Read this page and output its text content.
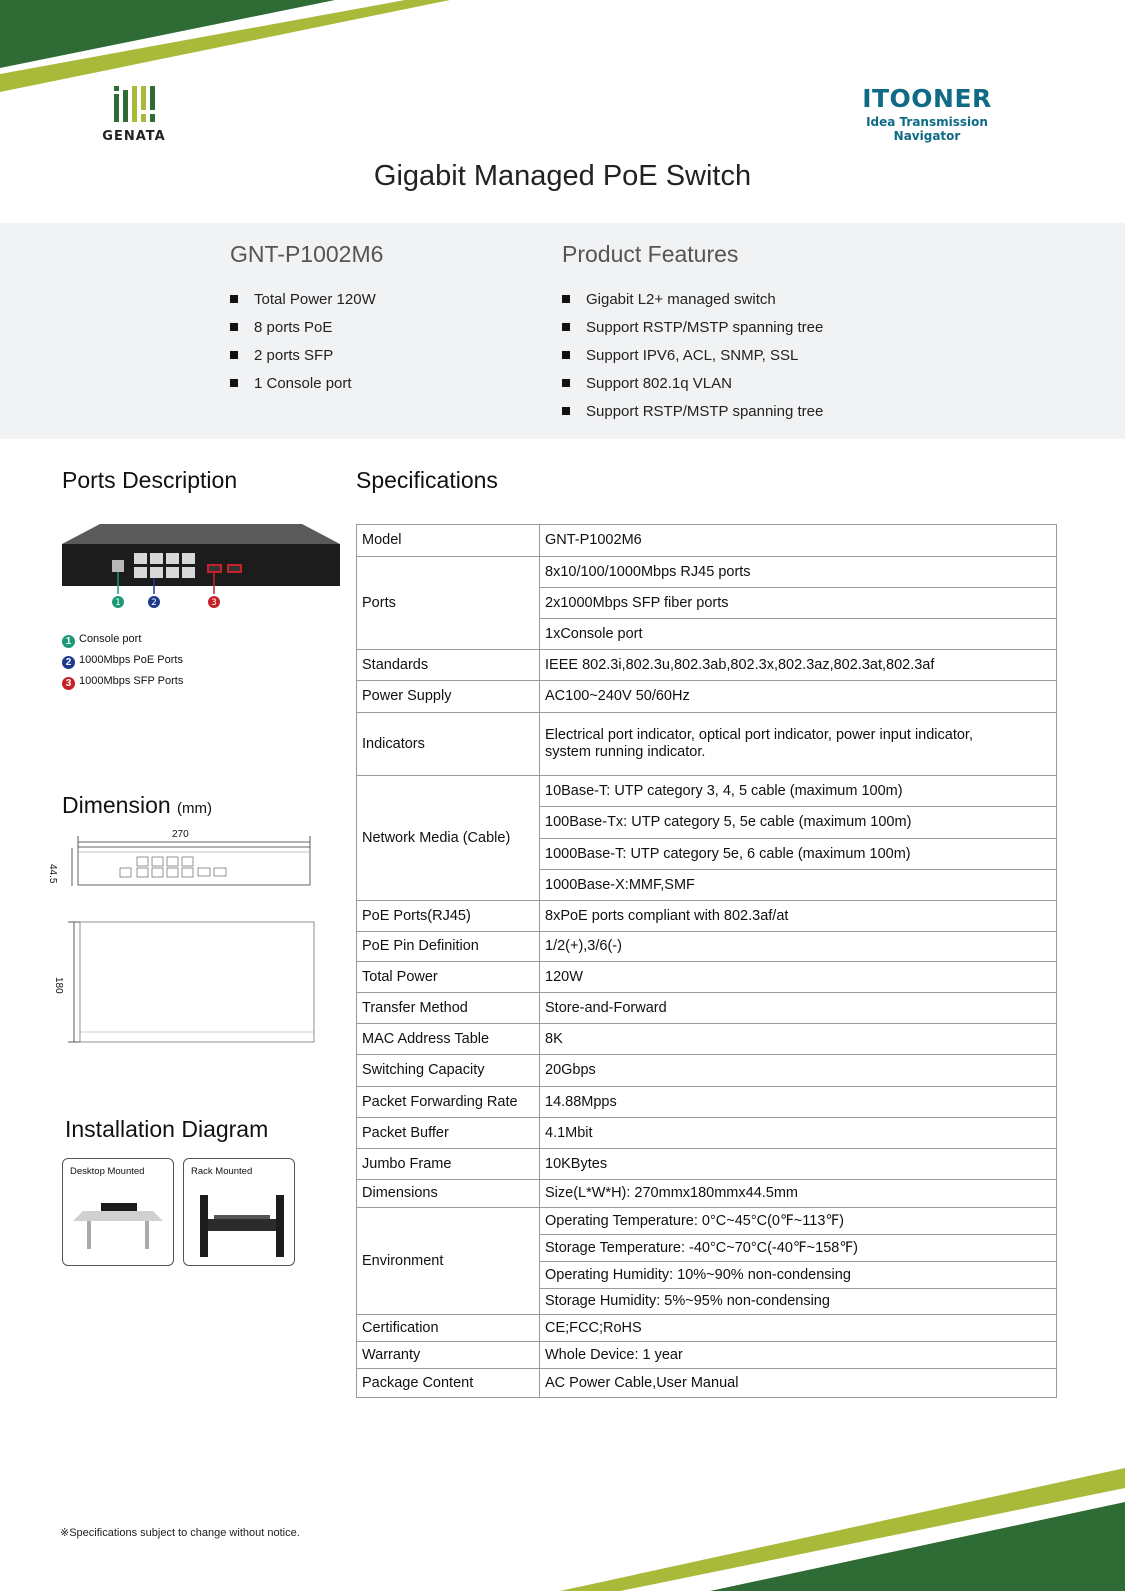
GENATA
ITOONER
Idea Transmission Navigator
Gigabit Managed PoE Switch
GNT-P1002M6
Total Power 120W
8 ports PoE
2 ports SFP
1 Console port
Product Features
Gigabit L2+ managed switch
Support RSTP/MSTP spanning tree
Support IPV6, ACL, SNMP, SSL
Support 802.1q VLAN
Support RSTP/MSTP spanning tree
Ports Description
1	2	3
1 Console port
2 1000Mbps PoE Ports
3 1000Mbps SFP Ports
Dimension (mm)
270
44.5
180
Installation Diagram
Desktop Mounted	Rack Mounted
Specifications
Model	GNT-P1002M6
Ports	8x10/100/1000Mbps RJ45 ports
	2x1000Mbps SFP fiber ports
	1xConsole port
Standards	IEEE 802.3i,802.3u,802.3ab,802.3x,802.3az,802.3at,802.3af
Power Supply	AC100~240V 50/60Hz
Indicators	Electrical port indicator, optical port indicator, power input indicator, system running indicator.
Network Media (Cable)	10Base-T: UTP category 3, 4, 5 cable (maximum 100m)
	100Base-Tx: UTP category 5, 5e cable (maximum 100m)
	1000Base-T: UTP category 5e, 6 cable (maximum 100m)
	1000Base-X:MMF,SMF
PoE Ports(RJ45)	8xPoE ports compliant with 802.3af/at
PoE Pin Definition	1/2(+),3/6(-)
Total Power	120W
Transfer Method	Store-and-Forward
MAC Address Table	8K
Switching Capacity	20Gbps
Packet Forwarding Rate	14.88Mpps
Packet Buffer	4.1Mbit
Jumbo Frame	10KBytes
Dimensions	Size(L*W*H): 270mmx180mmx44.5mm
Environment	Operating Temperature: 0°C~45°C(0℉~113℉)
	Storage Temperature: -40°C~70°C(-40℉~158℉)
	Operating Humidity: 10%~90% non-condensing
	Storage Humidity: 5%~95% non-condensing
Certification	CE;FCC;RoHS
Warranty	Whole Device: 1 year
Package Content	AC Power Cable,User Manual
※Specifications subject to change without notice.
